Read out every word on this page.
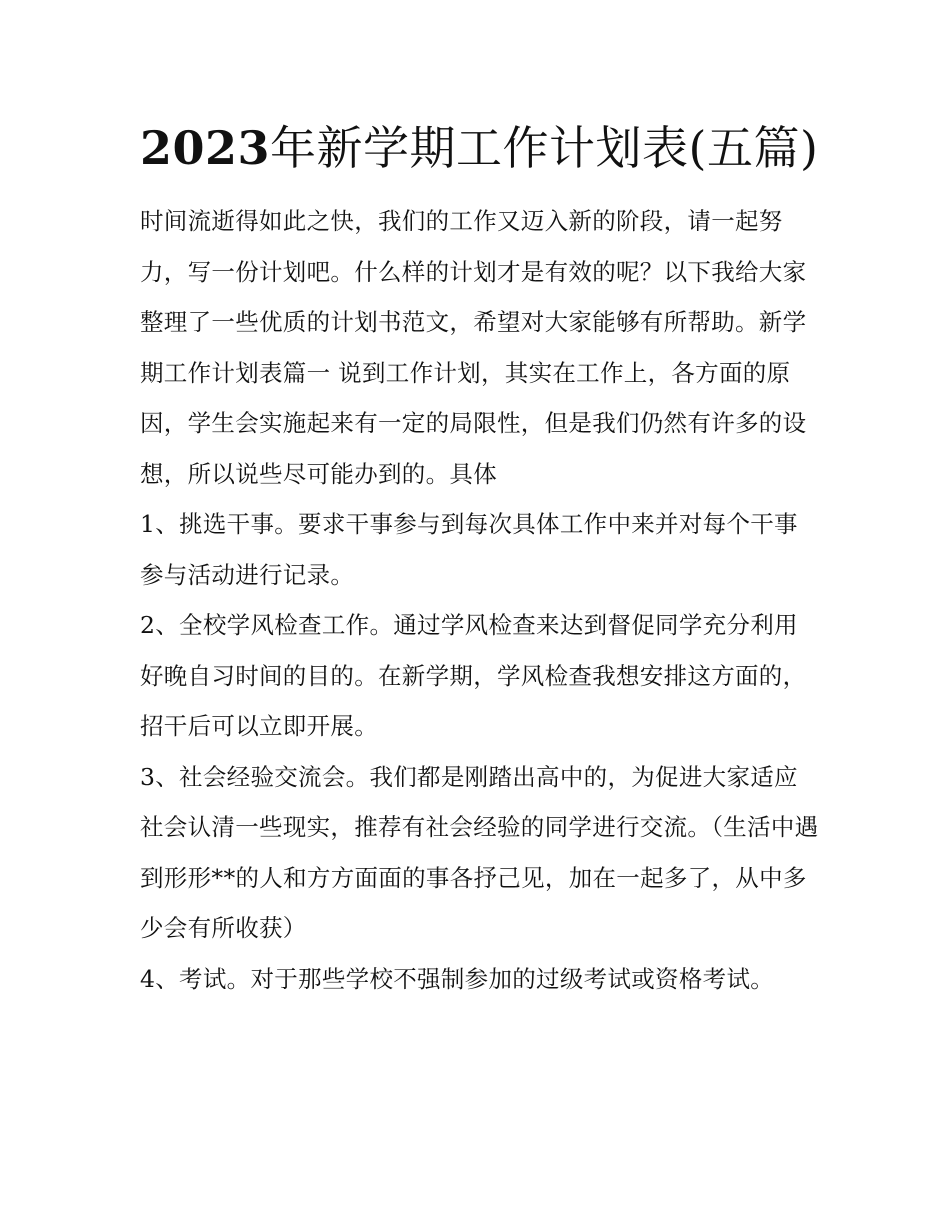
2023年新学期工作计划表(五篇)

时间流逝得如此之快，我们的工作又迈入新的阶段，请一起努力，写一份计划吧。什么样的计划才是有效的呢？以下我给大家整理了一些优质的计划书范文，希望对大家能够有所帮助。新学期工作计划表篇一 说到工作计划，其实在工作上，各方面的原因，学生会实施起来有一定的局限性，但是我们仍然有许多的设想，所以说些尽可能办到的。具体

1、挑选干事。要求干事参与到每次具体工作中来并对每个干事参与活动进行记录。

2、全校学风检查工作。通过学风检查来达到督促同学充分利用好晚自习时间的目的。在新学期，学风检查我想安排这方面的，招干后可以立即开展。

3、社会经验交流会。我们都是刚踏出高中的，为促进大家适应社会认清一些现实，推荐有社会经验的同学进行交流。（生活中遇到形形**的人和方方面面的事各抒己见，加在一起多了，从中多少会有所收获）

4、考试。对于那些学校不强制参加的过级考试或资格考试。
